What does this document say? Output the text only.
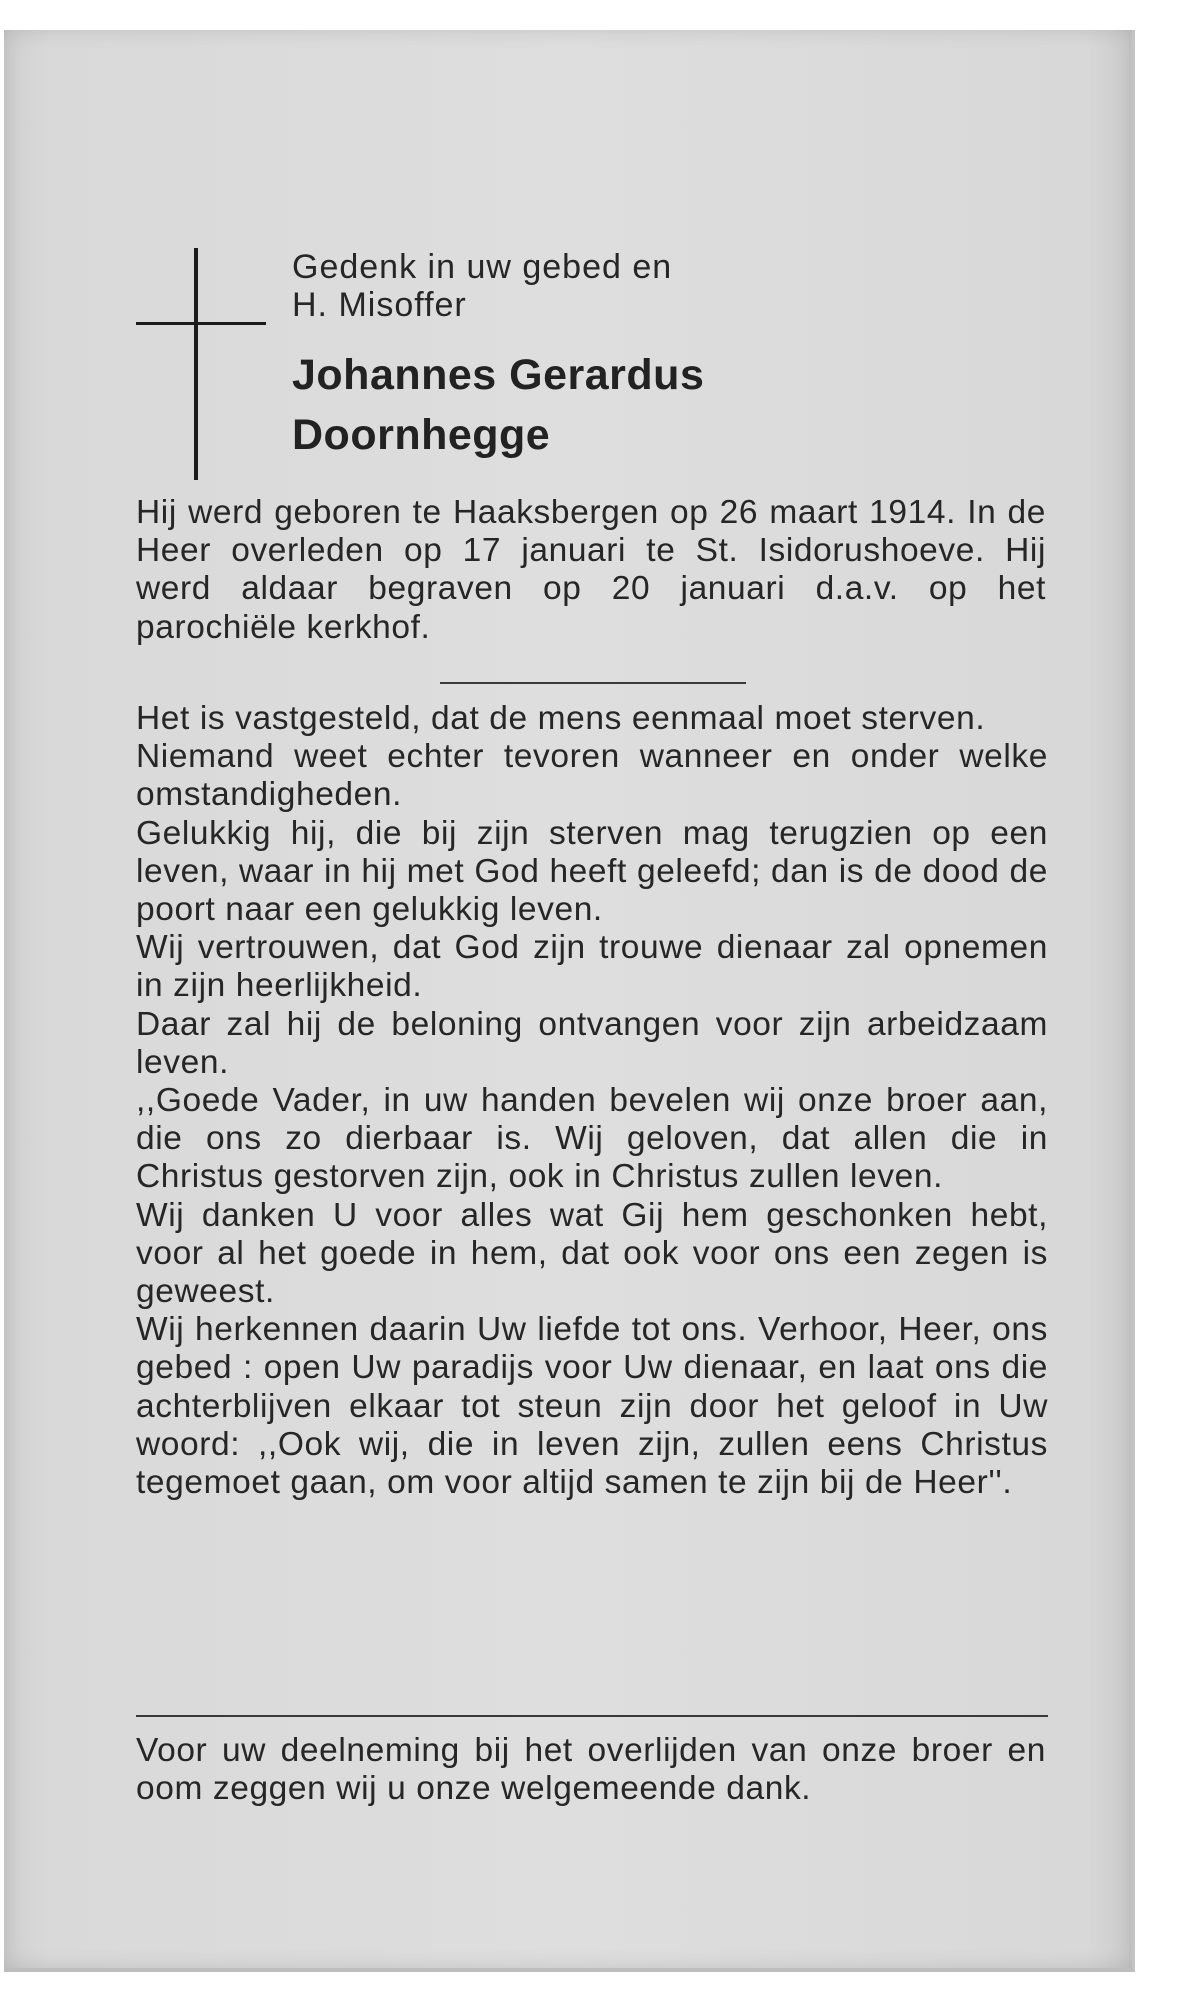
Gedenk in uw gebed en

H. Misoffer

Johannes Gerardus

Doornhegge

Hij werd geboren te Haaksbergen op 26 maart 1914. In de Heer overleden op 17 januari te St. Isidorushoeve. Hij werd aldaar begraven op 20 januari d.a.v. op het parochiële kerkhof.

Het is vastgesteld, dat de mens eenmaal moet sterven.
Niemand weet echter tevoren wanneer en onder welke omstandigheden.
Gelukkig hij, die bij zijn sterven mag terugzien op een leven, waar in hij met God heeft geleefd; dan is de dood de poort naar een gelukkig leven.
Wij vertrouwen, dat God zijn trouwe dienaar zal opnemen in zijn heerlijkheid.
Daar zal hij de beloning ontvangen voor zijn arbeidzaam leven.
,,Goede Vader, in uw handen bevelen wij onze broer aan, die ons zo dierbaar is. Wij geloven, dat allen die in Christus gestorven zijn, ook in Christus zullen leven.
Wij danken U voor alles wat Gij hem geschonken hebt, voor al het goede in hem, dat ook voor ons een zegen is geweest.
Wij herkennen daarin Uw liefde tot ons. Verhoor, Heer, ons gebed : open Uw paradijs voor Uw dienaar, en laat ons die achterblijven elkaar tot steun zijn door het geloof in Uw woord: ,,Ook wij, die in leven zijn, zullen eens Christus tegemoet gaan, om voor altijd samen te zijn bij de Heer''.

Voor uw deelneming bij het overlijden van onze broer en oom zeggen wij u onze welgemeende dank.
